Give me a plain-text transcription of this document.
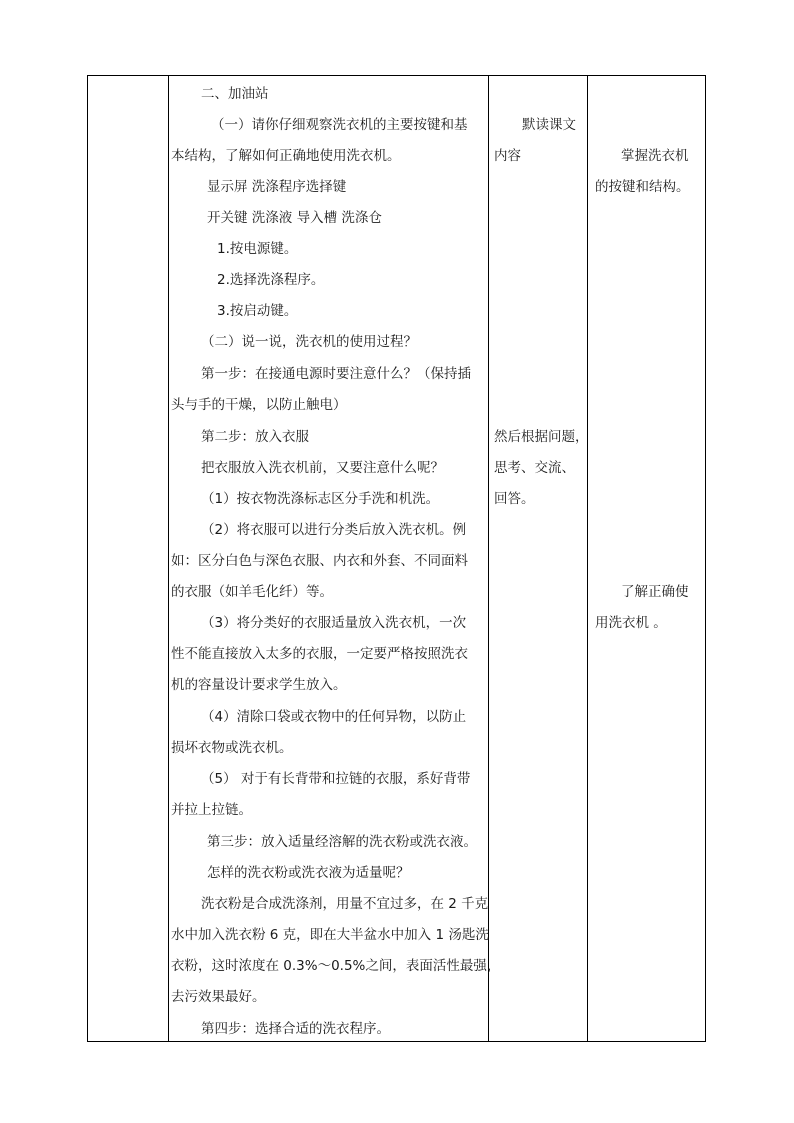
二、加油站
（一）请你仔细观察洗衣机的主要按键和基
本结构，了解如何正确地使用洗衣机。
显示屏 洗涤程序选择键
开关键 洗涤液 导入槽 洗涤仓
1.按电源键。
2.选择洗涤程序。
3.按启动键。
（二）说一说，洗衣机的使用过程？
第一步：在接通电源时要注意什么？（保持插
头与手的干燥，以防止触电）
第二步：放入衣服
把衣服放入洗衣机前，又要注意什么呢？
（1）按衣物洗涤标志区分手洗和机洗。
（2）将衣服可以进行分类后放入洗衣机。例
如：区分白色与深色衣服、内衣和外套、不同面料
的衣服（如羊毛化纤）等。
（3）将分类好的衣服适量放入洗衣机，一次
性不能直接放入太多的衣服，一定要严格按照洗衣
机的容量设计要求学生放入。
（4）清除口袋或衣物中的任何异物，以防止
损坏衣物或洗衣机。
（5） 对于有长背带和拉链的衣服，系好背带
并拉上拉链。
第三步：放入适量经溶解的洗衣粉或洗衣液。
怎样的洗衣粉或洗衣液为适量呢？
洗衣粉是合成洗涤剂，用量不宜过多，在 2 千克
水中加入洗衣粉 6 克，即在大半盆水中加入 1 汤匙洗
衣粉，这时浓度在 0.3%～0.5%之间，表面活性最强，
去污效果最好。
第四步：选择合适的洗衣程序。
默读课文
内容
然后根据问题，
思考、交流、
回答。
掌握洗衣机
的按键和结构。
了解正确使
用洗衣机 。
